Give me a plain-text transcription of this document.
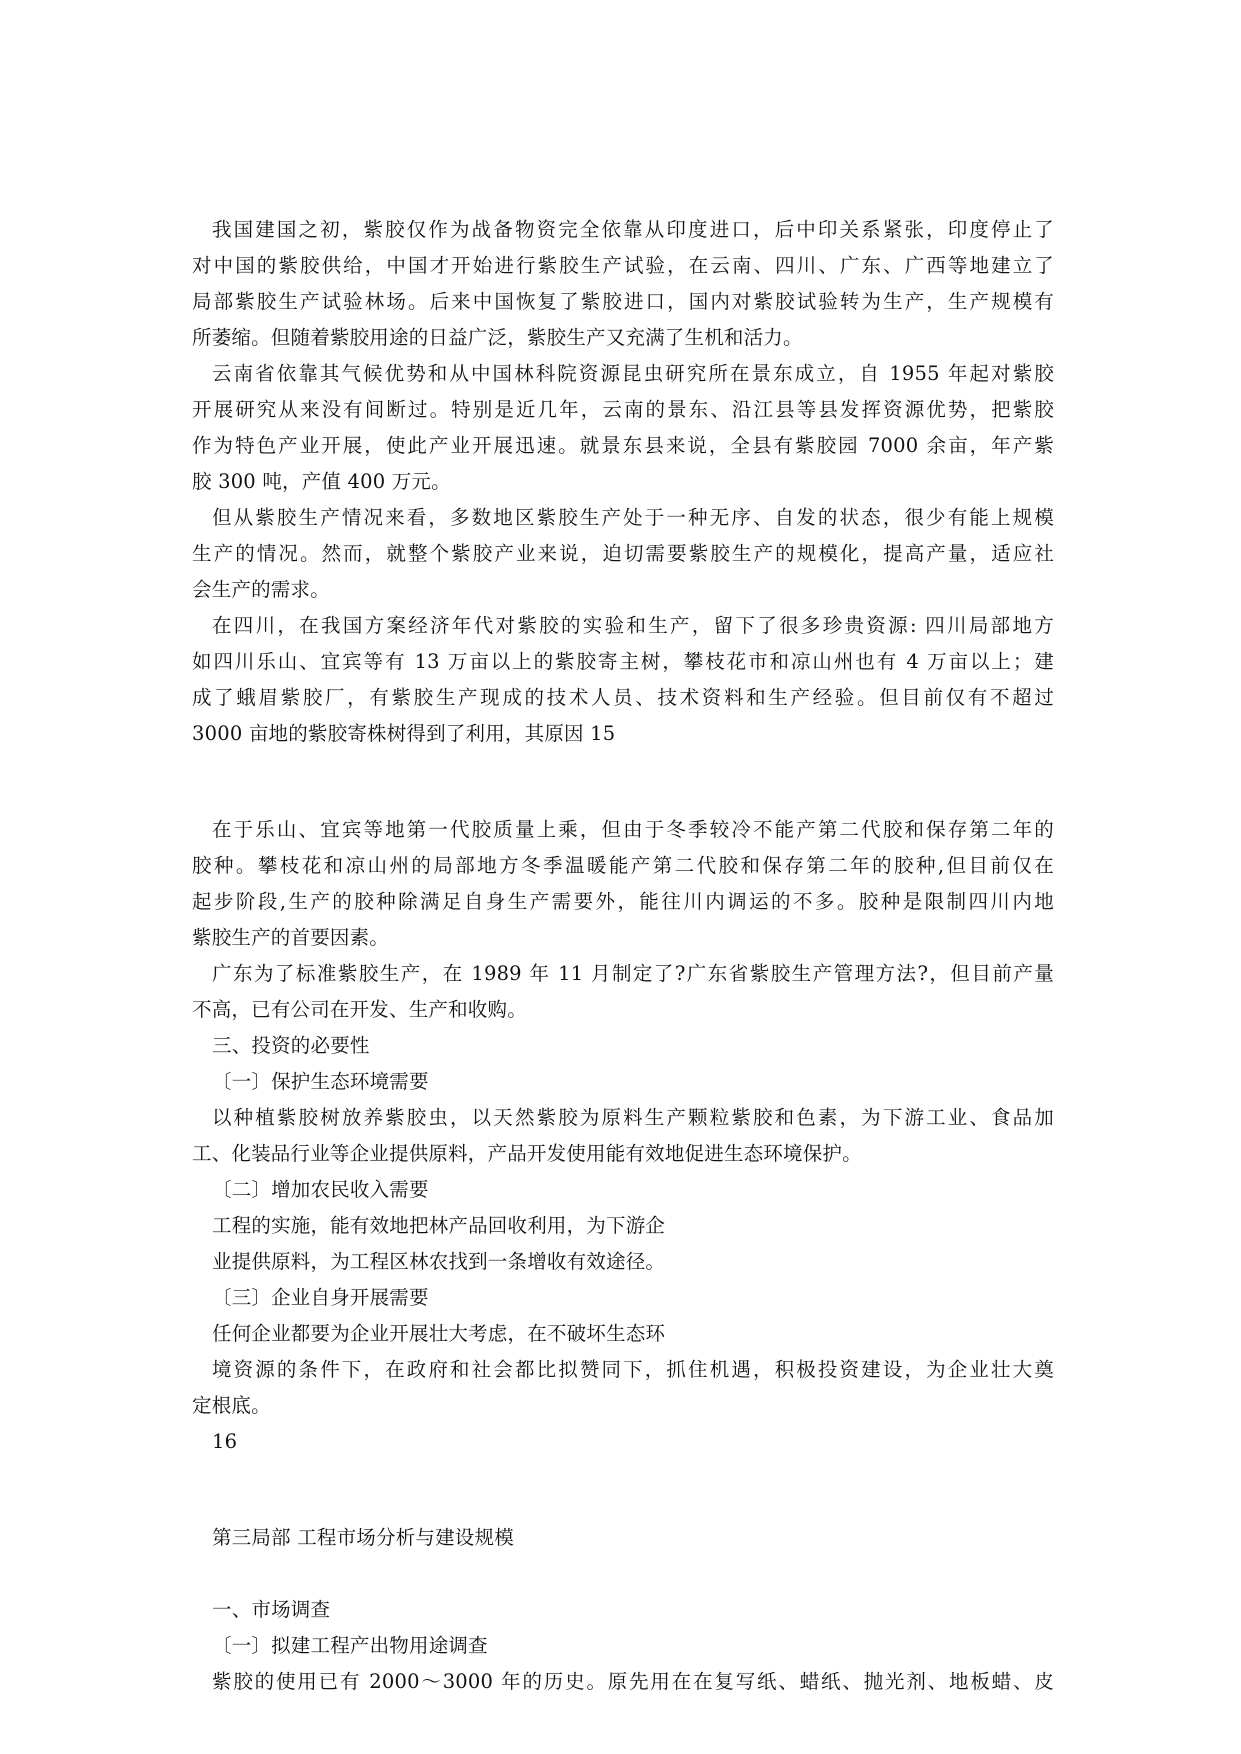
我国建国之初，紫胶仅作为战备物资完全依靠从印度进口，后中印关系紧张，印度停止了
对中国的紫胶供给，中国才开始进行紫胶生产试验，在云南、四川、广东、广西等地建立了
局部紫胶生产试验林场。后来中国恢复了紫胶进口，国内对紫胶试验转为生产，生产规模有
所萎缩。但随着紫胶用途的日益广泛，紫胶生产又充满了生机和活力。
云南省依靠其气候优势和从中国林科院资源昆虫研究所在景东成立，自 1955 年起对紫胶
开展研究从来没有间断过。特别是近几年，云南的景东、沿江县等县发挥资源优势，把紫胶
作为特色产业开展，使此产业开展迅速。就景东县来说，全县有紫胶园 7000 余亩，年产紫
胶 300 吨，产值 400 万元。
但从紫胶生产情况来看，多数地区紫胶生产处于一种无序、自发的状态，很少有能上规模
生产的情况。然而，就整个紫胶产业来说，迫切需要紫胶生产的规模化，提高产量，适应社
会生产的需求。
在四川，在我国方案经济年代对紫胶的实验和生产，留下了很多珍贵资源: 四川局部地方
如四川乐山、宜宾等有 13 万亩以上的紫胶寄主树，攀枝花市和凉山州也有 4 万亩以上；建
成了蛾眉紫胶厂，有紫胶生产现成的技术人员、技术资料和生产经验。但目前仅有不超过
3000 亩地的紫胶寄株树得到了利用，其原因 15
在于乐山、宜宾等地第一代胶质量上乘，但由于冬季较冷不能产第二代胶和保存第二年的
胶种。攀枝花和凉山州的局部地方冬季温暖能产第二代胶和保存第二年的胶种,但目前仅在
起步阶段,生产的胶种除满足自身生产需要外，能往川内调运的不多。胶种是限制四川内地
紫胶生产的首要因素。
广东为了标准紫胶生产，在 1989 年 11 月制定了?广东省紫胶生产管理方法?，但目前产量
不高，已有公司在开发、生产和收购。
三、投资的必要性
〔一〕保护生态环境需要
以种植紫胶树放养紫胶虫，以天然紫胶为原料生产颗粒紫胶和色素，为下游工业、食品加
工、化装品行业等企业提供原料，产品开发使用能有效地促进生态环境保护。
〔二〕增加农民收入需要
工程的实施，能有效地把林产品回收利用，为下游企
业提供原料，为工程区林农找到一条增收有效途径。
〔三〕企业自身开展需要
任何企业都要为企业开展壮大考虑，在不破坏生态环
境资源的条件下，在政府和社会都比拟赞同下，抓住机遇，积极投资建设，为企业壮大奠
定根底。
16
第三局部 工程市场分析与建设规模
一、市场调查
〔一〕拟建工程产出物用途调查
紫胶的使用已有 2000～3000 年的历史。原先用在在复写纸、蜡纸、抛光剂、地板蜡、皮
